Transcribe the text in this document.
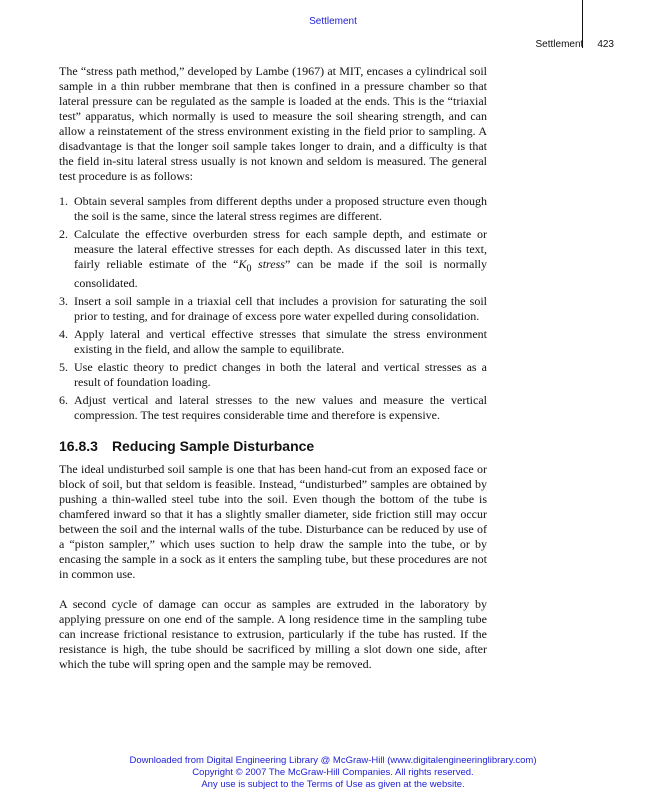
Settlement
Settlement 423

The “stress path method,” developed by Lambe (1967) at MIT, encases a cylindrical soil sample in a thin rubber membrane that then is confined in a pressure chamber so that lateral pressure can be regulated as the sample is loaded at the ends. This is the “triaxial test” apparatus, which normally is used to measure the soil shearing strength, and can allow a reinstatement of the stress environment existing in the field prior to sampling. A disadvantage is that the longer soil sample takes longer to drain, and a difficulty is that the field in-situ lateral stress usually is not known and seldom is measured. The general test procedure is as follows:

1. Obtain several samples from different depths under a proposed structure even though the soil is the same, since the lateral stress regimes are different.
2. Calculate the effective overburden stress for each sample depth, and estimate or measure the lateral effective stresses for each depth. As discussed later in this text, fairly reliable estimate of the “$K_0$ stress” can be made if the soil is normally consolidated.
3. Insert a soil sample in a triaxial cell that includes a provision for saturating the soil prior to testing, and for drainage of excess pore water expelled during consolidation.
4. Apply lateral and vertical effective stresses that simulate the stress environment existing in the field, and allow the sample to equilibrate.
5. Use elastic theory to predict changes in both the lateral and vertical stresses as a result of foundation loading.
6. Adjust vertical and lateral stresses to the new values and measure the vertical compression. The test requires considerable time and therefore is expensive.
16.8.3 Reducing Sample Disturbance

The ideal undisturbed soil sample is one that has been hand-cut from an exposed face or block of soil, but that seldom is feasible. Instead, “undisturbed” samples are obtained by pushing a thin-walled steel tube into the soil. Even though the bottom of the tube is chamfered inward so that it has a slightly smaller diameter, side friction still may occur between the soil and the internal walls of the tube. Disturbance can be reduced by use of a “piston sampler,” which uses suction to help draw the sample into the tube, or by encasing the sample in a sock as it enters the sampling tube, but these procedures are not in common use.

A second cycle of damage can occur as samples are extruded in the laboratory by applying pressure on one end of the sample. A long residence time in the sampling tube can increase frictional resistance to extrusion, particularly if the tube has rusted. If the resistance is high, the tube should be sacrificed by milling a slot down one side, after which the tube will spring open and the sample may be removed.

Downloaded from Digital Engineering Library @ McGraw-Hill (www.digitalengineeringlibrary.com)
Copyright © 2007 The McGraw-Hill Companies. All rights reserved.
Any use is subject to the Terms of Use as given at the website.
